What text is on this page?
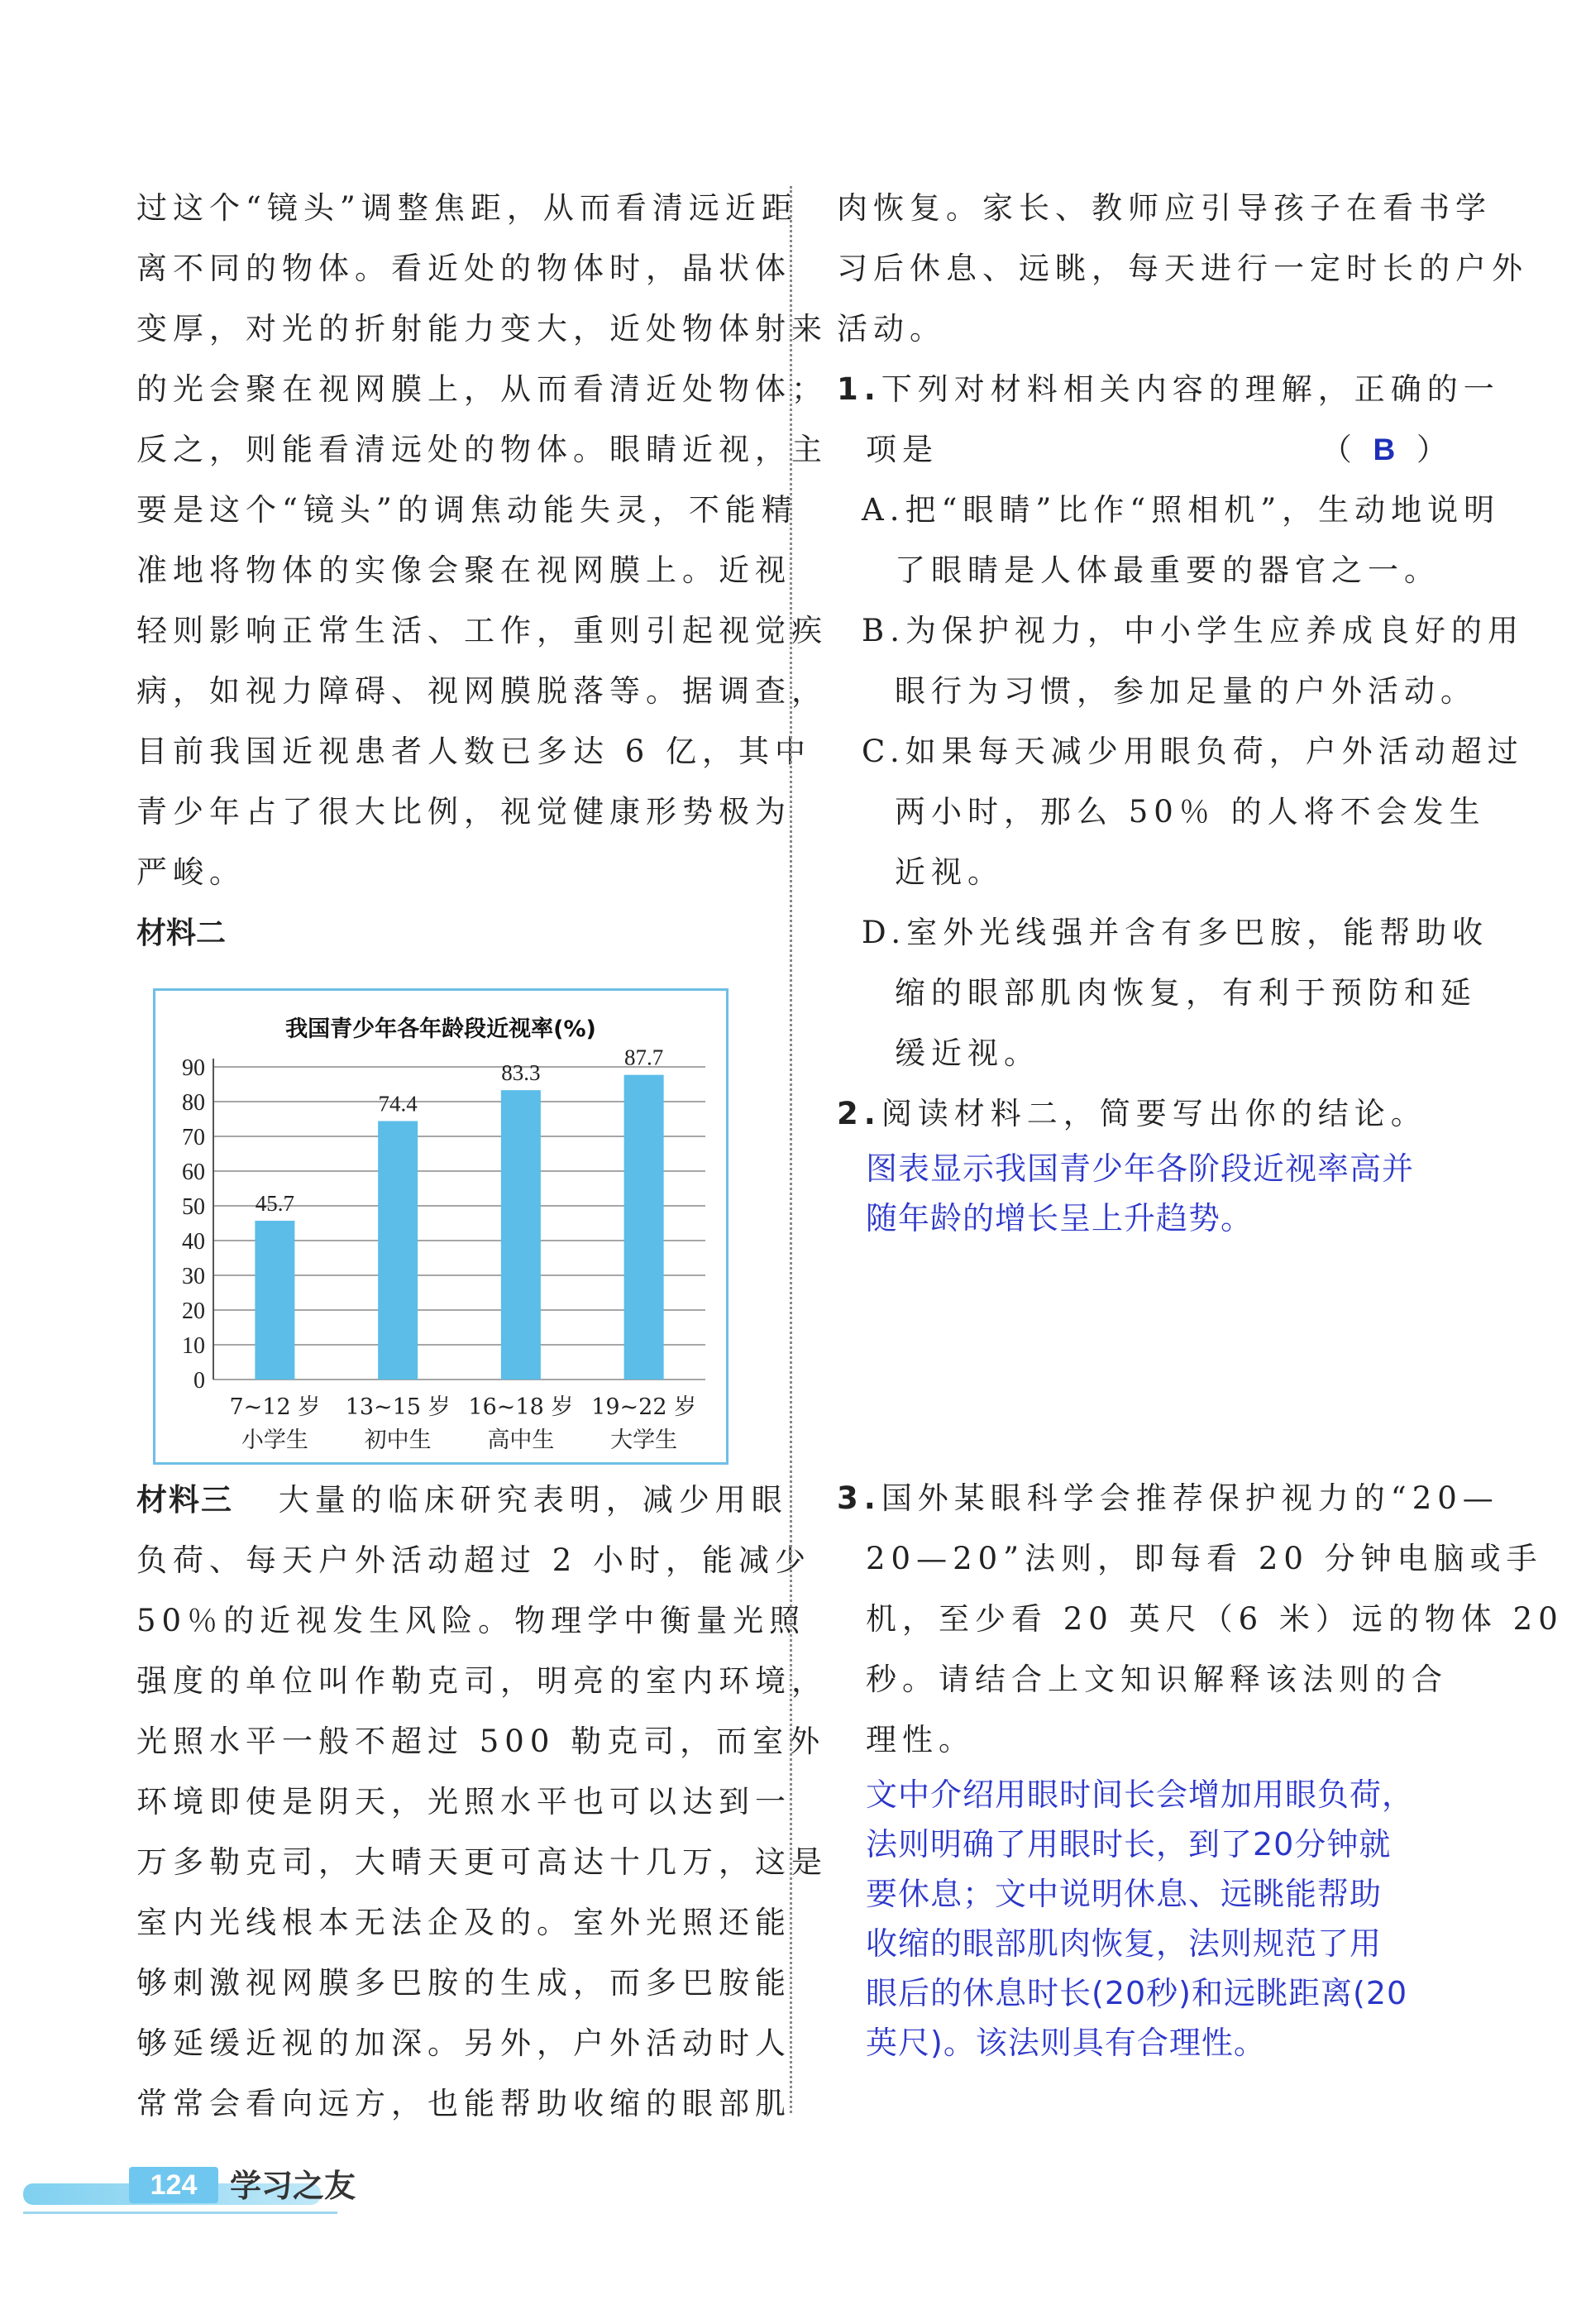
过这个“镜头”调整焦距，从而看清远近距
离不同的物体。看近处的物体时，晶状体
变厚，对光的折射能力变大，近处物体射来
的光会聚在视网膜上，从而看清近处物体；
反之，则能看清远处的物体。眼睛近视，主
要是这个“镜头”的调焦动能失灵，不能精
准地将物体的实像会聚在视网膜上。近视
轻则影响正常生活、工作，重则引起视觉疾
病，如视力障碍、视网膜脱落等。据调查，
目前我国近视患者人数已多达 6 亿，其中
青少年占了很大比例，视觉健康形势极为
严峻。
材料二
我国青少年各年龄段近视率(%)
0
10
20
30
40
50
60
70
80
90
45.7
7~12 岁
小学生
74.4
13~15 岁
初中生
83.3
16~18 岁
高中生
87.7
19~22 岁
大学生
材料三 大量的临床研究表明，减少用眼
负荷、每天户外活动超过 2 小时，能减少
50％的近视发生风险。物理学中衡量光照
强度的单位叫作勒克司，明亮的室内环境，
光照水平一般不超过 500 勒克司，而室外
环境即使是阴天，光照水平也可以达到一
万多勒克司，大晴天更可高达十几万，这是
室内光线根本无法企及的。室外光照还能
够刺激视网膜多巴胺的生成，而多巴胺能
够延缓近视的加深。另外，户外活动时人
常常会看向远方，也能帮助收缩的眼部肌
肉恢复。家长、教师应引导孩子在看书学
习后休息、远眺，每天进行一定时长的户外
活动。
1.下列对材料相关内容的理解，正确的一
项是	（ B ）
A.把“眼睛”比作“照相机”，生动地说明
了眼睛是人体最重要的器官之一。
B.为保护视力，中小学生应养成良好的用
眼行为习惯，参加足量的户外活动。
C.如果每天减少用眼负荷，户外活动超过
两小时，那么 50％ 的人将不会发生
近视。
D.室外光线强并含有多巴胺，能帮助收
缩的眼部肌肉恢复，有利于预防和延
缓近视。
2.阅读材料二，简要写出你的结论。
图表显示我国青少年各阶段近视率高并
随年龄的增长呈上升趋势。
3.国外某眼科学会推荐保护视力的“20—
20—20”法则，即每看 20 分钟电脑或手
机，至少看 20 英尺（6 米）远的物体 20
秒。请结合上文知识解释该法则的合
理性。
文中介绍用眼时间长会增加用眼负荷，
法则明确了用眼时长，到了20分钟就
要休息；文中说明休息、远眺能帮助
收缩的眼部肌肉恢复，法则规范了用
眼后的休息时长(20秒)和远眺距离(20
英尺)。该法则具有合理性。
124	学习之友
